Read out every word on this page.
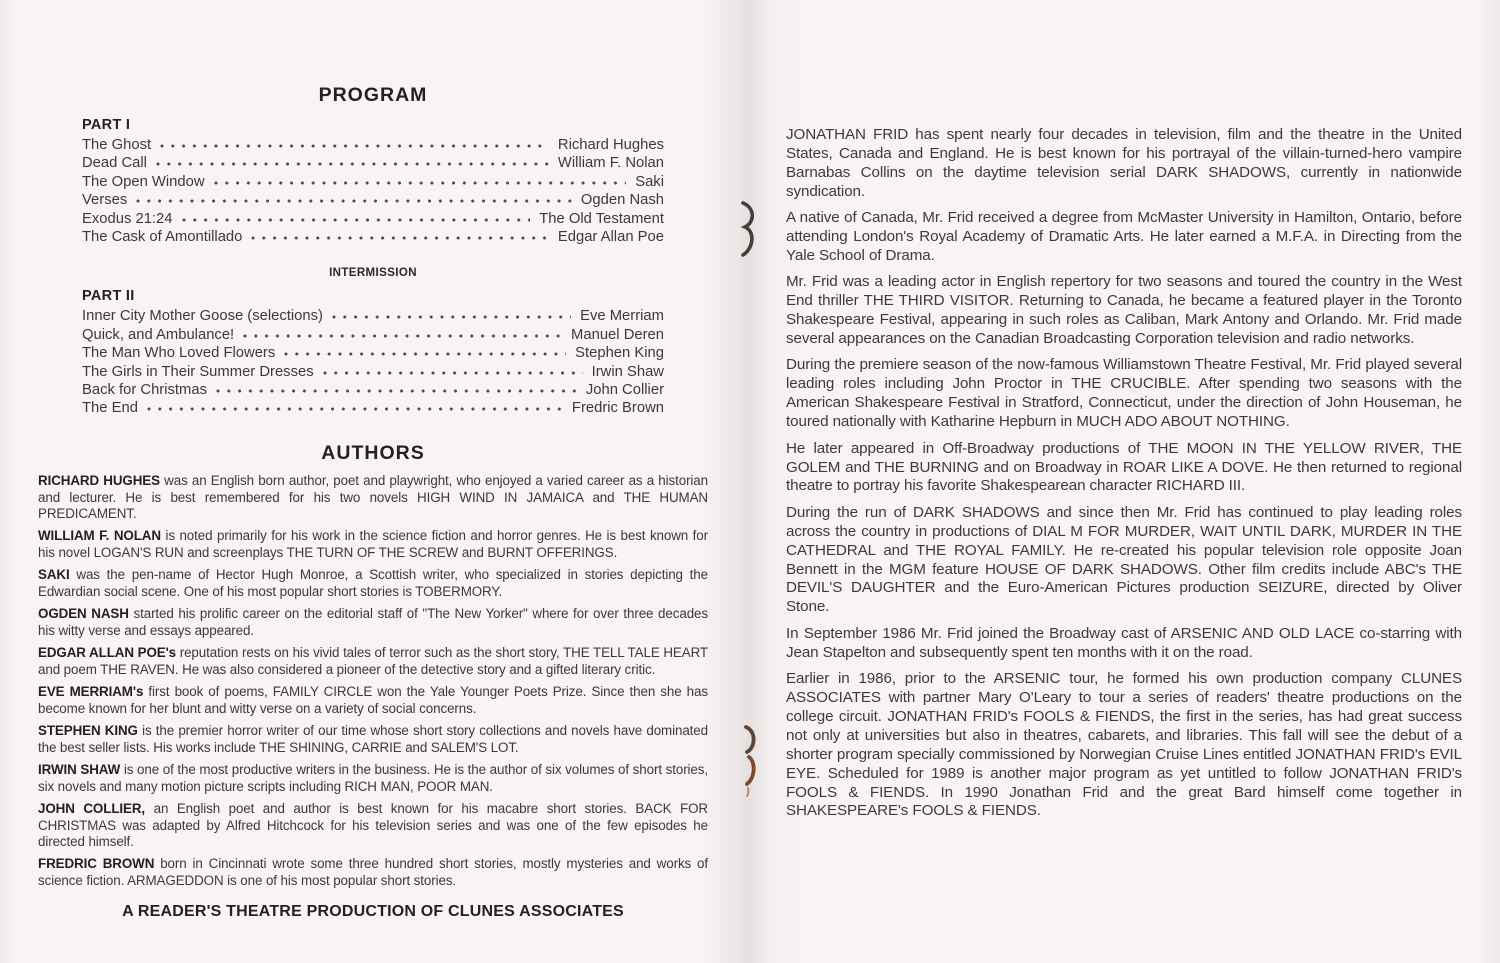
PROGRAM
PART I
The Ghost	Richard Hughes
Dead Call	William F. Nolan
The Open Window	Saki
Verses	Ogden Nash
Exodus 21:24	The Old Testament
The Cask of Amontillado	Edgar Allan Poe
INTERMISSION
PART II
Inner City Mother Goose (selections)	Eve Merriam
Quick, and Ambulance!	Manuel Deren
The Man Who Loved Flowers	Stephen King
The Girls in Their Summer Dresses	Irwin Shaw
Back for Christmas	John Collier
The End	Fredric Brown
AUTHORS

RICHARD HUGHES was an English born author, poet and playwright, who enjoyed a varied career as a historian and lecturer. He is best remembered for his two novels HIGH WIND IN JAMAICA and THE HUMAN PREDICAMENT.

WILLIAM F. NOLAN is noted primarily for his work in the science fiction and horror genres. He is best known for his novel LOGAN'S RUN and screenplays THE TURN OF THE SCREW and BURNT OFFERINGS.

SAKI was the pen-name of Hector Hugh Monroe, a Scottish writer, who specialized in stories depicting the Edwardian social scene. One of his most popular short stories is TOBERMORY.

OGDEN NASH started his prolific career on the editorial staff of "The New Yorker" where for over three decades his witty verse and essays appeared.

EDGAR ALLAN POE's reputation rests on his vivid tales of terror such as the short story, THE TELL TALE HEART and poem THE RAVEN. He was also considered a pioneer of the detective story and a gifted literary critic.

EVE MERRIAM's first book of poems, FAMILY CIRCLE won the Yale Younger Poets Prize. Since then she has become known for her blunt and witty verse on a variety of social concerns.

STEPHEN KING is the premier horror writer of our time whose short story collections and novels have dominated the best seller lists. His works include THE SHINING, CARRIE and SALEM'S LOT.

IRWIN SHAW is one of the most productive writers in the business. He is the author of six volumes of short stories, six novels and many motion picture scripts including RICH MAN, POOR MAN.

JOHN COLLIER, an English poet and author is best known for his macabre short stories. BACK FOR CHRISTMAS was adapted by Alfred Hitchcock for his television series and was one of the few episodes he directed himself.

FREDRIC BROWN born in Cincinnati wrote some three hundred short stories, mostly mysteries and works of science fiction. ARMAGEDDON is one of his most popular short stories.

A READER'S THEATRE PRODUCTION OF CLUNES ASSOCIATES

JONATHAN FRID has spent nearly four decades in television, film and the theatre in the United States, Canada and England. He is best known for his portrayal of the villain-turned-hero vampire Barnabas Collins on the daytime television serial DARK SHADOWS, currently in nationwide syndication.

A native of Canada, Mr. Frid received a degree from McMaster University in Hamilton, Ontario, before attending London's Royal Academy of Dramatic Arts. He later earned a M.F.A. in Directing from the Yale School of Drama.

Mr. Frid was a leading actor in English repertory for two seasons and toured the country in the West End thriller THE THIRD VISITOR. Returning to Canada, he became a featured player in the Toronto Shakespeare Festival, appearing in such roles as Caliban, Mark Antony and Orlando. Mr. Frid made several appearances on the Canadian Broadcasting Corporation television and radio networks.

During the premiere season of the now-famous Williamstown Theatre Festival, Mr. Frid played several leading roles including John Proctor in THE CRUCIBLE. After spending two seasons with the American Shakespeare Festival in Stratford, Connecticut, under the direction of John Houseman, he toured nationally with Katharine Hepburn in MUCH ADO ABOUT NOTHING.

He later appeared in Off-Broadway productions of THE MOON IN THE YELLOW RIVER, THE GOLEM and THE BURNING and on Broadway in ROAR LIKE A DOVE. He then returned to regional theatre to portray his favorite Shakespearean character RICHARD III.

During the run of DARK SHADOWS and since then Mr. Frid has continued to play leading roles across the country in productions of DIAL M FOR MURDER, WAIT UNTIL DARK, MURDER IN THE CATHEDRAL and THE ROYAL FAMILY. He re-created his popular television role opposite Joan Bennett in the MGM feature HOUSE OF DARK SHADOWS. Other film credits include ABC's THE DEVIL'S DAUGHTER and the Euro-American Pictures production SEIZURE, directed by Oliver Stone.

In September 1986 Mr. Frid joined the Broadway cast of ARSENIC AND OLD LACE co-starring with Jean Stapelton and subsequently spent ten months with it on the road.

Earlier in 1986, prior to the ARSENIC tour, he formed his own production company CLUNES ASSOCIATES with partner Mary O'Leary to tour a series of readers' theatre productions on the college circuit. JONATHAN FRID's FOOLS & FIENDS, the first in the series, has had great success not only at universities but also in theatres, cabarets, and libraries. This fall will see the debut of a shorter program specially commissioned by Norwegian Cruise Lines entitled JONATHAN FRID's EVIL EYE. Scheduled for 1989 is another major program as yet untitled to follow JONATHAN FRID's FOOLS & FIENDS. In 1990 Jonathan Frid and the great Bard himself come together in SHAKESPEARE's FOOLS & FIENDS.
